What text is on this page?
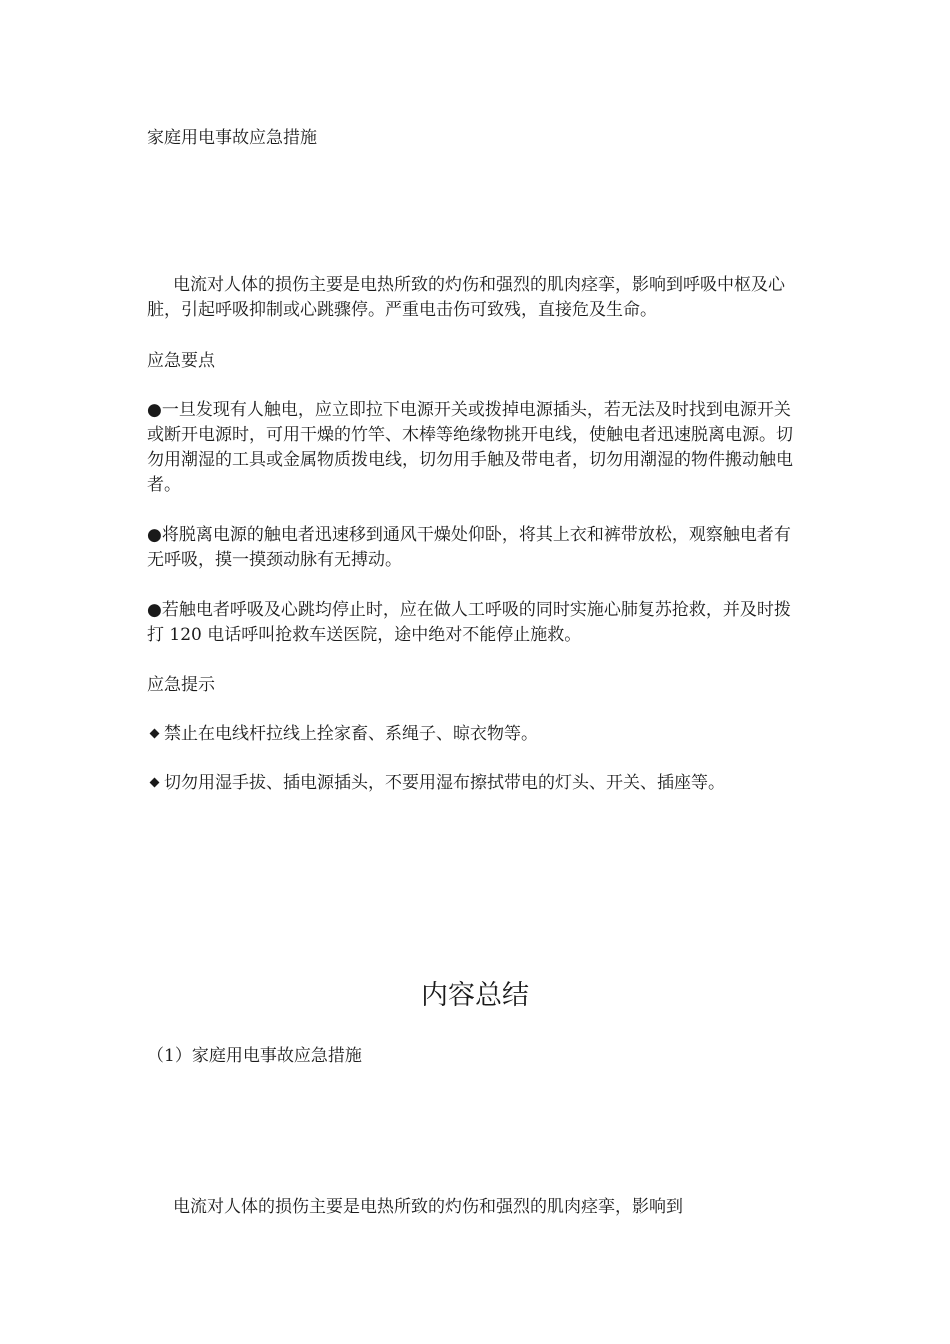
家庭用电事故应急措施

电流对人体的损伤主要是电热所致的灼伤和强烈的肌肉痉挛，影响到呼吸中枢及心脏，引起呼吸抑制或心跳骤停。严重电击伤可致残，直接危及生命。

应急要点

●一旦发现有人触电，应立即拉下电源开关或拨掉电源插头，若无法及时找到电源开关或断开电源时，可用干燥的竹竿、木棒等绝缘物挑开电线，使触电者迅速脱离电源。切勿用潮湿的工具或金属物质拨电线，切勿用手触及带电者，切勿用潮湿的物件搬动触电者。

●将脱离电源的触电者迅速移到通风干燥处仰卧，将其上衣和裤带放松，观察触电者有无呼吸，摸一摸颈动脉有无搏动。

●若触电者呼吸及心跳均停止时，应在做人工呼吸的同时实施心肺复苏抢救，并及时拨打 120 电话呼叫抢救车送医院，途中绝对不能停止施救。

应急提示

禁止在电线杆拉线上拴家畜、系绳子、晾衣物等。

切勿用湿手拔、插电源插头，不要用湿布擦拭带电的灯头、开关、插座等。

内容总结

（1）家庭用电事故应急措施

电流对人体的损伤主要是电热所致的灼伤和强烈的肌肉痉挛，影响到
